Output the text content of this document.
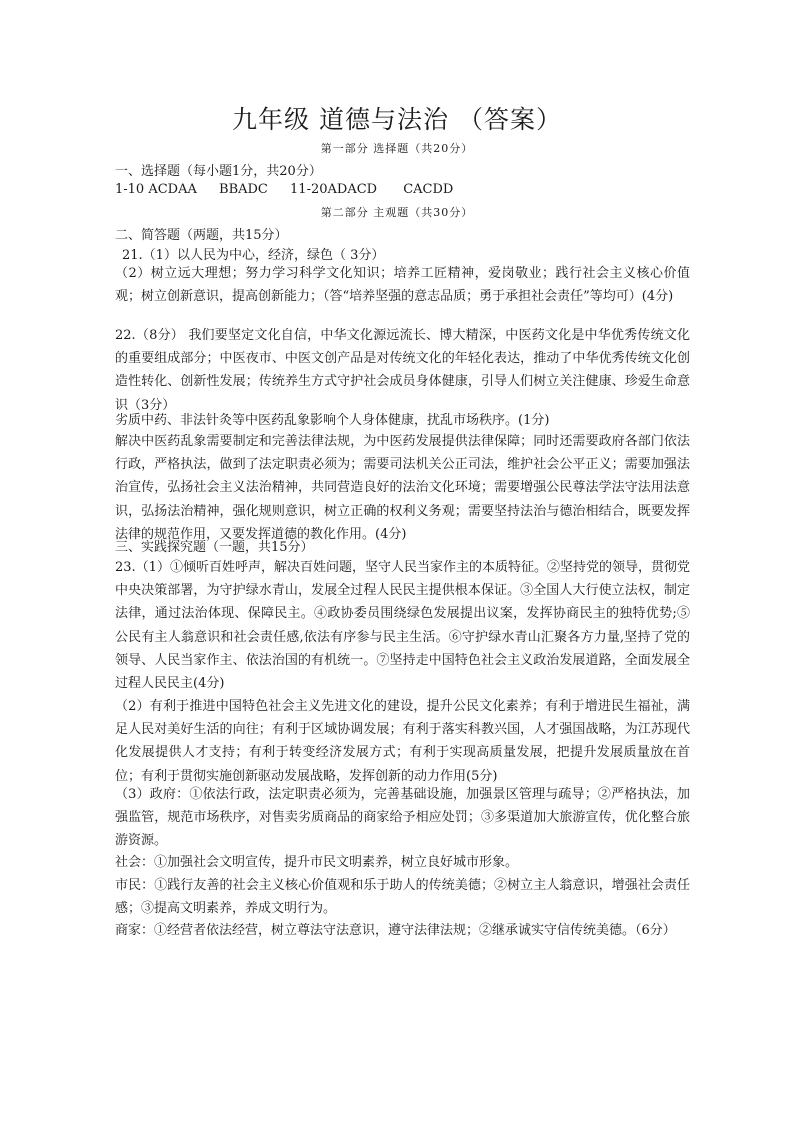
九年级 道德与法治 （答案）
第一部分 选择题（共20分）
一、选择题（每小题1分，共20分）
1-10 ACDAA BBADC 11-20ADACD CACDD
第二部分 主观题（共30分）
二、简答题（两题，共15分）
21.（1）以人民为中心，经济，绿色（ 3分）

（2）树立远大理想；努力学习科学文化知识；培养工匠精神，爱岗敬业；践行社会主义核心价值观；树立创新意识，提高创新能力；（答“培养坚强的意志品质；勇于承担社会责任”等均可）(4分)

22.（8分） 我们要坚定文化自信，中华文化源远流长、博大精深，中医药文化是中华优秀传统文化的重要组成部分；中医夜市、中医文创产品是对传统文化的年轻化表达，推动了中华优秀传统文化创造性转化、创新性发展；传统养生方式守护社会成员身体健康，引导人们树立关注健康、珍爱生命意识（3分）

劣质中药、非法针灸等中医药乱象影响个人身体健康，扰乱市场秩序。(1分)

解决中医药乱象需要制定和完善法律法规，为中医药发展提供法律保障；同时还需要政府各部门依法行政，严格执法，做到了法定职责必须为；需要司法机关公正司法，维护社会公平正义；需要加强法治宣传，弘扬社会主义法治精神，共同营造良好的法治文化环境；需要增强公民尊法学法守法用法意识，弘扬法治精神，强化规则意识，树立正确的权利义务观；需要坚持法治与德治相结合，既要发挥法律的规范作用，又要发挥道德的教化作用。(4分)

三、实践探究题（一题，共15分）

23.（1）①倾听百姓呼声，解决百姓问题，坚守人民当家作主的本质特征。②坚持党的领导，贯彻党中央决策部署，为守护绿水青山，发展全过程人民民主提供根本保证。③全国人大行使立法权，制定法律，通过法治体现、保障民主。④政协委员围绕绿色发展提出议案，发挥协商民主的独特优势;⑤公民有主人翁意识和社会责任感,依法有序参与民主生活。⑥守护绿水青山汇聚各方力量,坚持了党的领导、人民当家作主、依法治国的有机统一。⑦坚持走中国特色社会主义政治发展道路，全面发展全过程人民民主(4分)

（2）有利于推进中国特色社会主义先进文化的建设，提升公民文化素养；有利于增进民生福祉，满足人民对美好生活的向往；有利于区域协调发展；有利于落实科教兴国，人才强国战略，为江苏现代化发展提供人才支持；有利于转变经济发展方式；有利于实现高质量发展，把提升发展质量放在首位；有利于贯彻实施创新驱动发展战略，发挥创新的动力作用(5分)

（3）政府：①依法行政，法定职责必须为，完善基础设施，加强景区管理与疏导；②严格执法，加强监管，规范市场秩序，对售卖劣质商品的商家给予相应处罚；③多渠道加大旅游宣传，优化整合旅游资源。

社会：①加强社会文明宣传，提升市民文明素养，树立良好城市形象。

市民：①践行友善的社会主义核心价值观和乐于助人的传统美德；②树立主人翁意识，增强社会责任感；③提高文明素养，养成文明行为。

商家：①经营者依法经营，树立尊法守法意识，遵守法律法规；②继承诚实守信传统美德。（6分）
